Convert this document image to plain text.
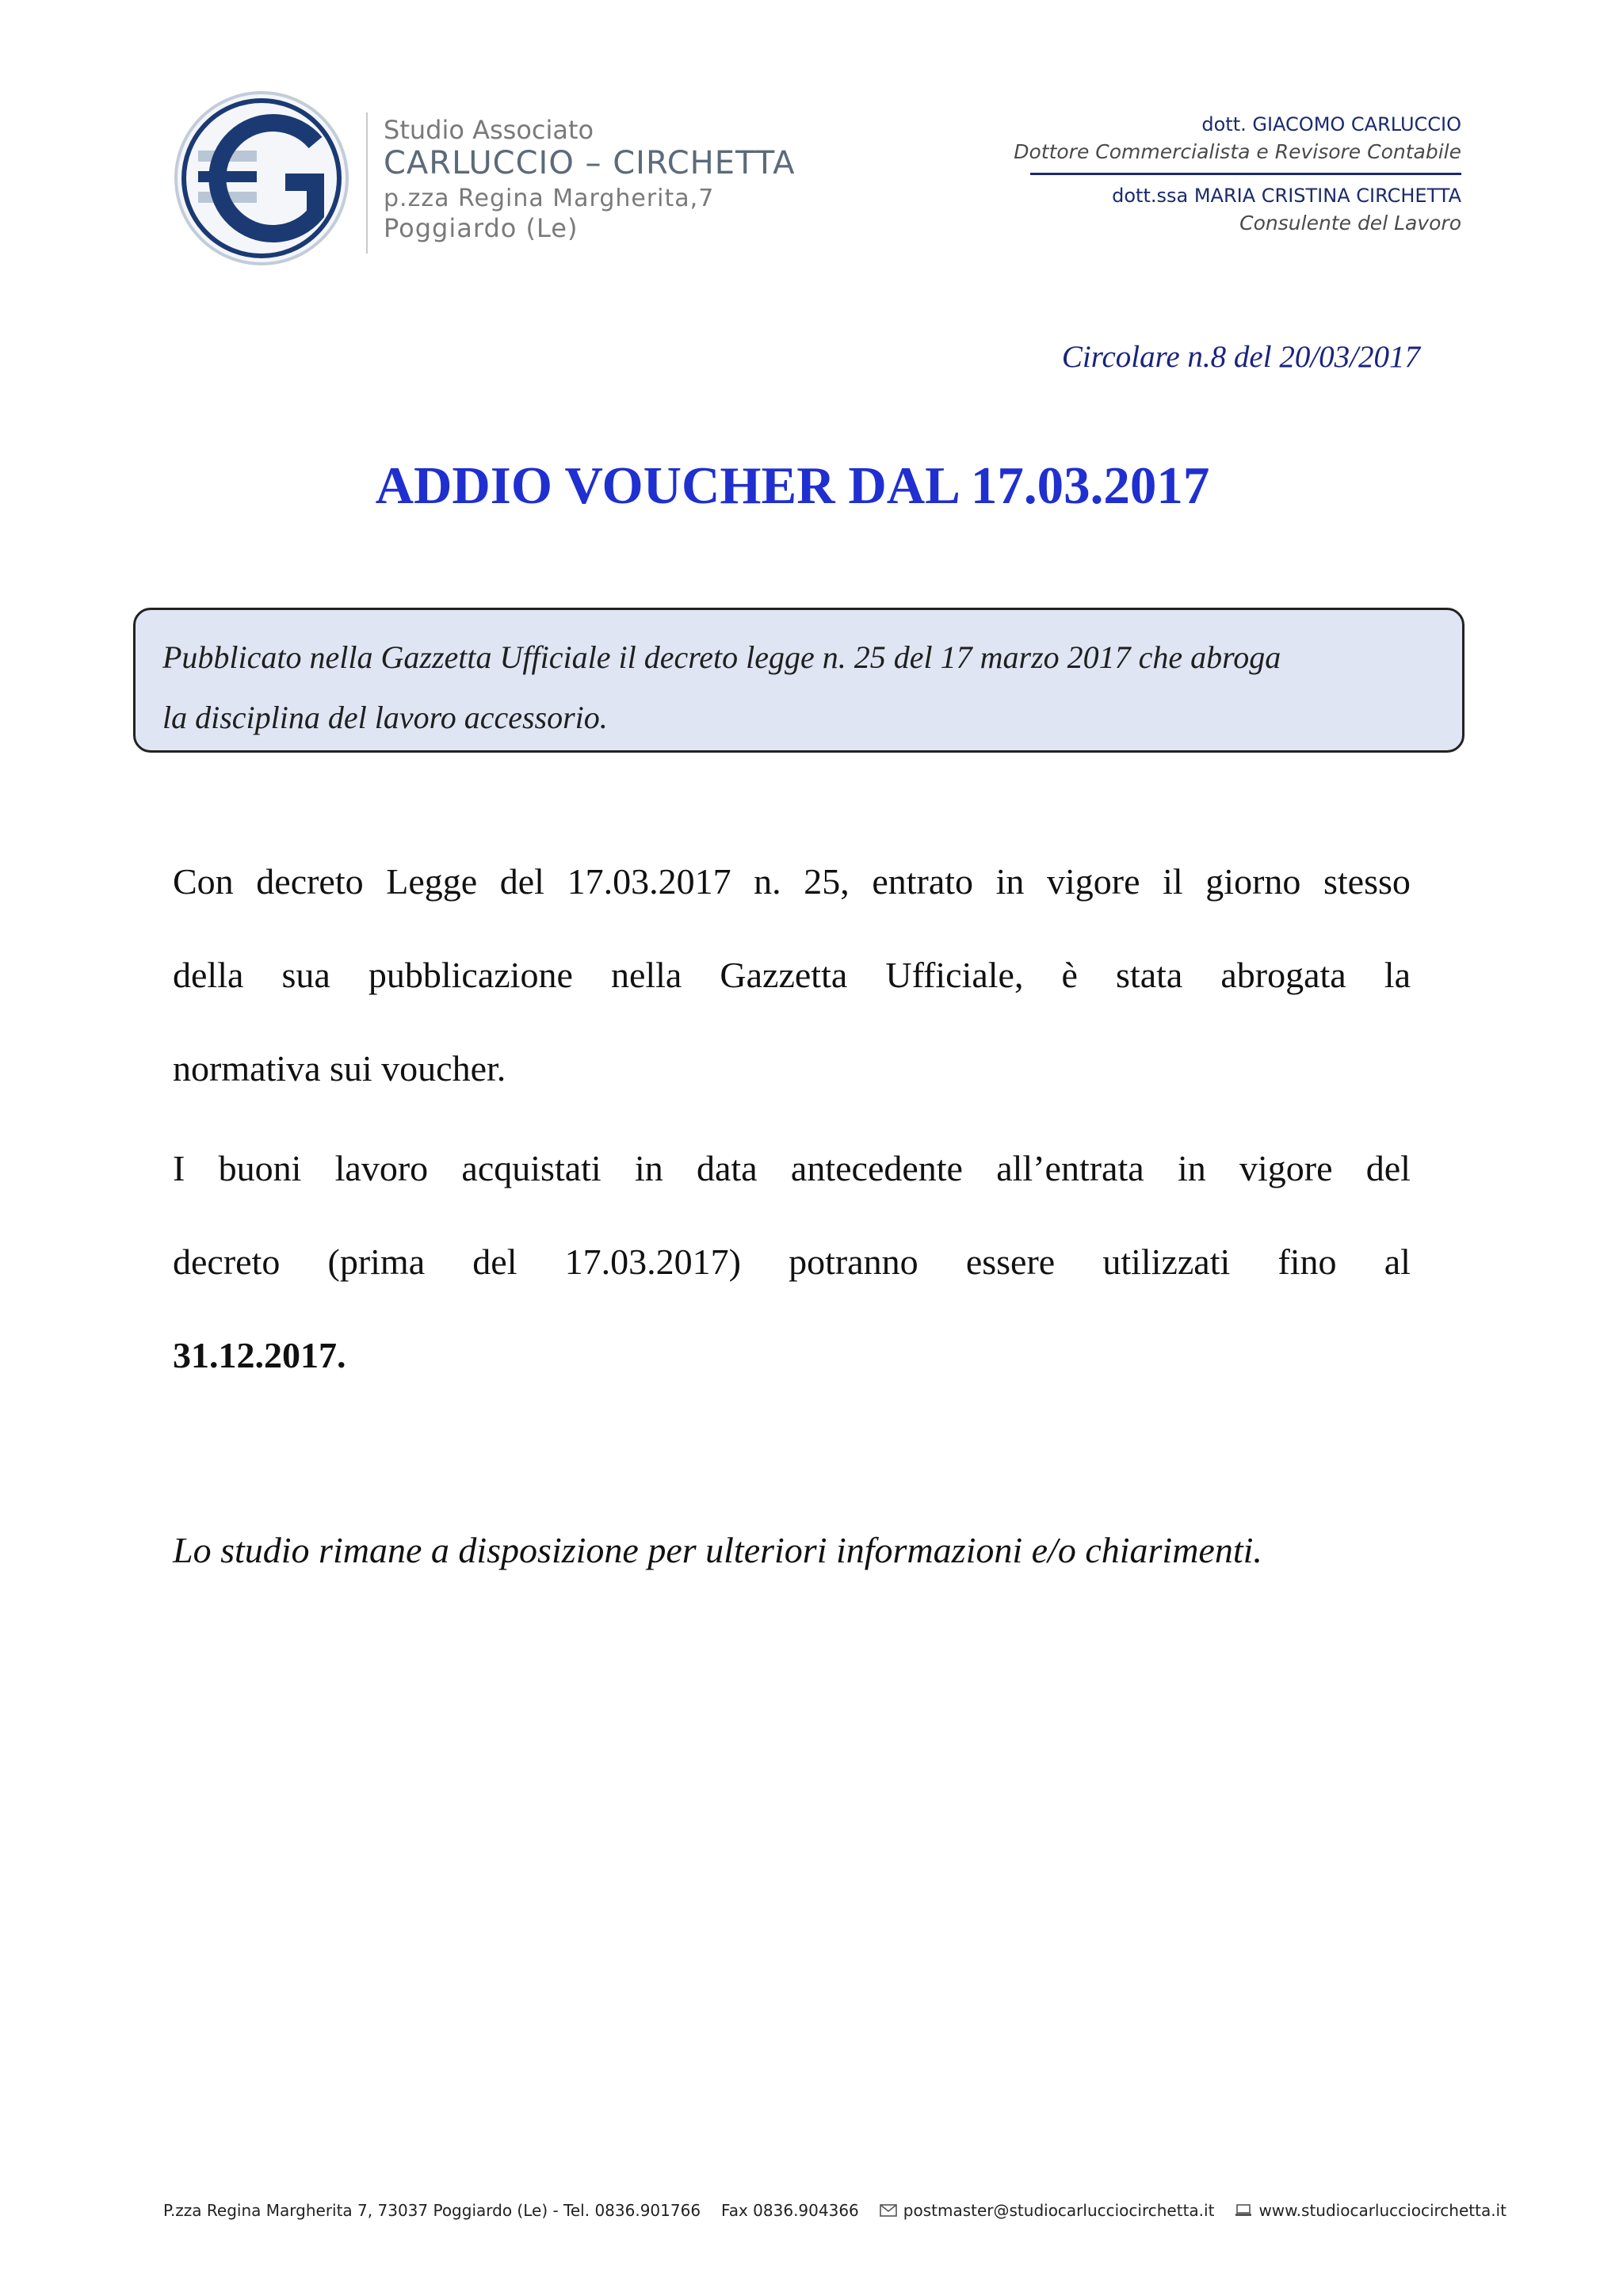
Studio Associato
CARLUCCIO – CIRCHETTA
p.zza Regina Margherita,7
Poggiardo (Le)
dott. GIACOMO CARLUCCIO
Dottore Commercialista e Revisore Contabile
dott.ssa MARIA CRISTINA CIRCHETTA
Consulente del Lavoro
Circolare n.8 del 20/03/2017
ADDIO VOUCHER DAL 17.03.2017
Pubblicato nella Gazzetta Ufficiale il decreto legge n. 25 del 17 marzo 2017 che abroga
la disciplina del lavoro accessorio.
Con decreto Legge del 17.03.2017 n. 25, entrato in vigore il giorno stesso
della sua pubblicazione nella Gazzetta Ufficiale, è stata abrogata la
normativa sui voucher.
I buoni lavoro acquistati in data antecedente all’entrata in vigore del
decreto (prima del 17.03.2017) potranno essere utilizzati fino al
31.12.2017.
Lo studio rimane a disposizione per ulteriori informazioni e/o chiarimenti.
P.zza Regina Margherita 7, 73037 Poggiardo (Le) - Tel. 0836.901766 Fax 0836.904366	postmaster@studiocarlucciocirchetta.it	www.studiocarlucciocirchetta.it
